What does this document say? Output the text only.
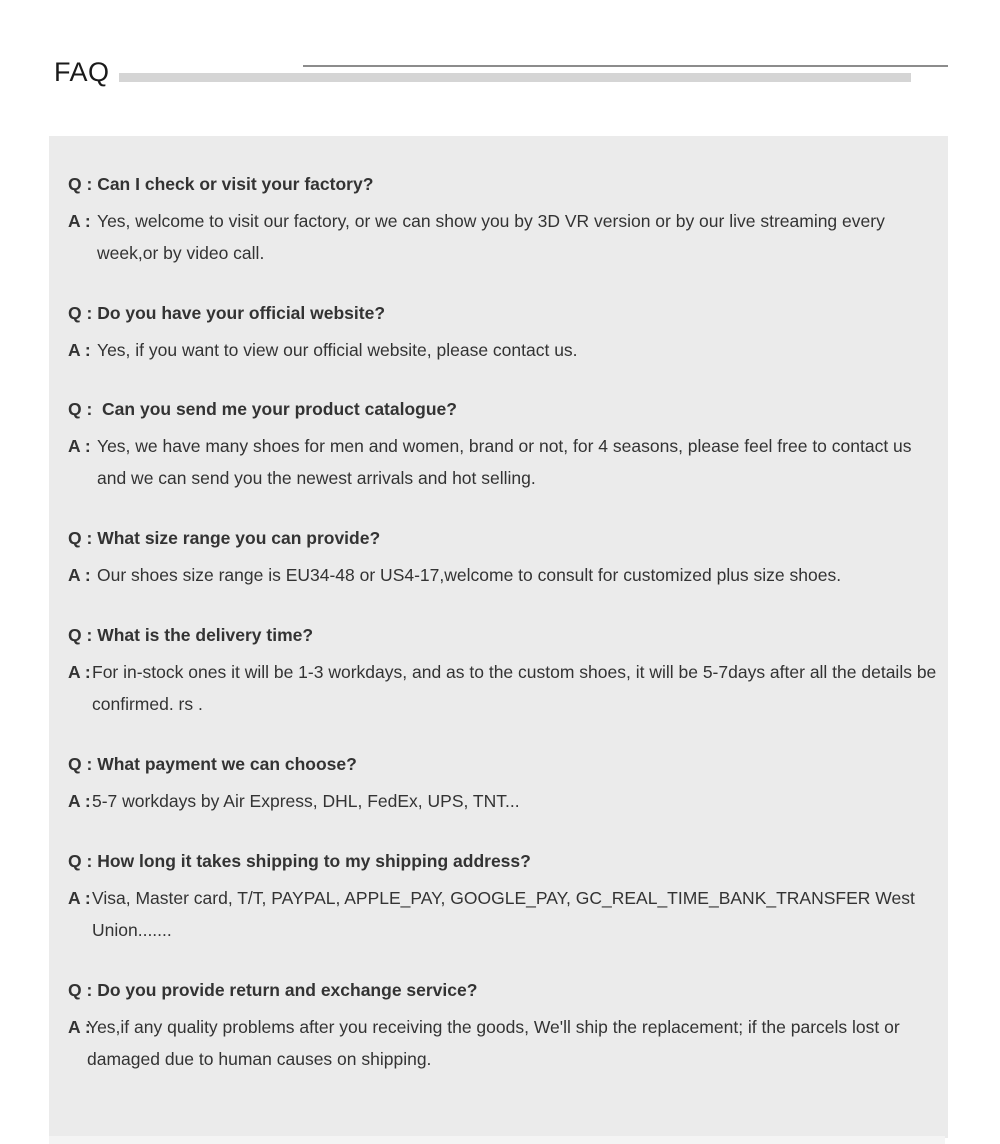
FAQ
Q : Can I check or visit your factory?
A : Yes, welcome to visit our factory, or we can show you by 3D VR version or by our live streaming every week,or by video call.
Q : Do you have your official website?
A : Yes, if you want to view our official website, please contact us.
Q : Can you send me your product catalogue?
A : Yes, we have many shoes for men and women, brand or not, for 4 seasons, please feel free to contact us and we can send you the newest arrivals and hot selling.
Q : What size range you can provide?
A : Our shoes size range is EU34-48 or US4-17,welcome to consult for customized plus size shoes.
Q : What is the delivery time?
A : For in-stock ones it will be 1-3 workdays, and as to the custom shoes, it will be 5-7days after all the details be confirmed. rs .
Q : What payment we can choose?
A : 5-7 workdays by Air Express, DHL, FedEx, UPS, TNT...
Q : How long it takes shipping to my shipping address?
A : Visa, Master card, T/T, PAYPAL, APPLE_PAY, GOOGLE_PAY, GC_REAL_TIME_BANK_TRANSFER West Union.......
Q : Do you provide return and exchange service?
A :
Yes,if any quality problems after you receiving the goods, We'll ship the replacement; if the parcels lost or damaged due to human causes on shipping.
